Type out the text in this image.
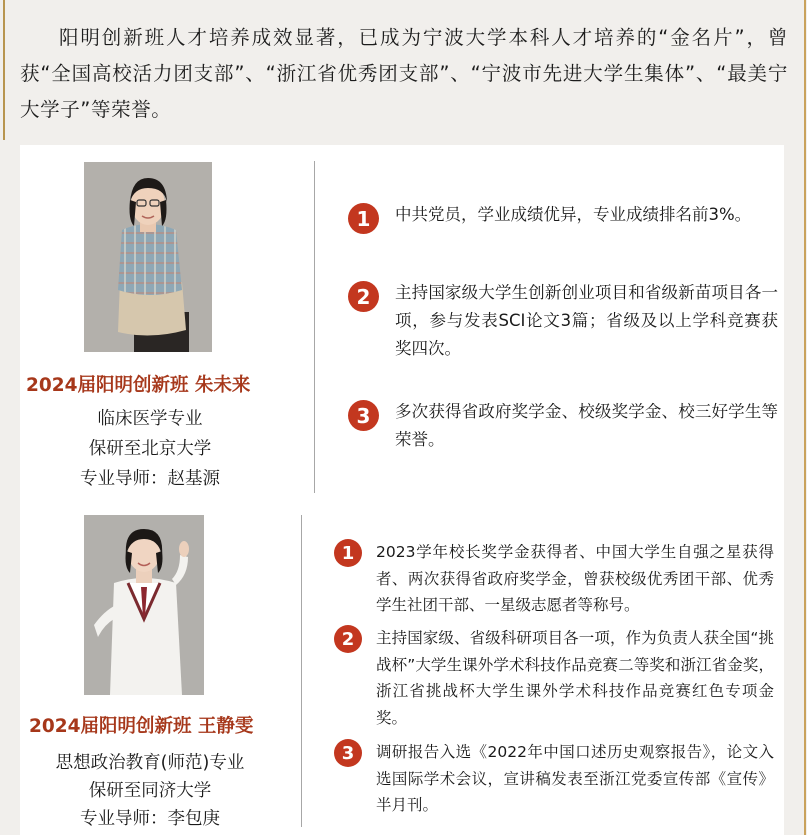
阳明创新班人才培养成效显著，已成为宁波大学本科人才培养的“金名片”，曾获“全国高校活力团支部”、“浙江省优秀团支部”、“宁波市先进大学生集体”、“最美宁大学子”等荣誉。

2024届阳明创新班 朱未来
临床医学专业
保研至北京大学
专业导师：赵基源
1	中共党员，学业成绩优异，专业成绩排名前3%。
2	主持国家级大学生创新创业项目和省级新苗项目各一项，参与发表SCI论文3篇；省级及以上学科竞赛获奖四次。
3	多次获得省政府奖学金、校级奖学金、校三好学生等荣誉。
2024届阳明创新班 王静雯
思想政治教育(师范)专业
保研至同济大学
专业导师：李包庚
1	2023学年校长奖学金获得者、中国大学生自强之星获得者、两次获得省政府奖学金，曾获校级优秀团干部、优秀学生社团干部、一星级志愿者等称号。
2	主持国家级、省级科研项目各一项，作为负责人获全国“挑战杯”大学生课外学术科技作品竞赛二等奖和浙江省金奖，浙江省挑战杯大学生课外学术科技作品竞赛红色专项金奖。
3	调研报告入选《2022年中国口述历史观察报告》，论文入选国际学术会议，宣讲稿发表至浙江党委宣传部《宣传》半月刊。
